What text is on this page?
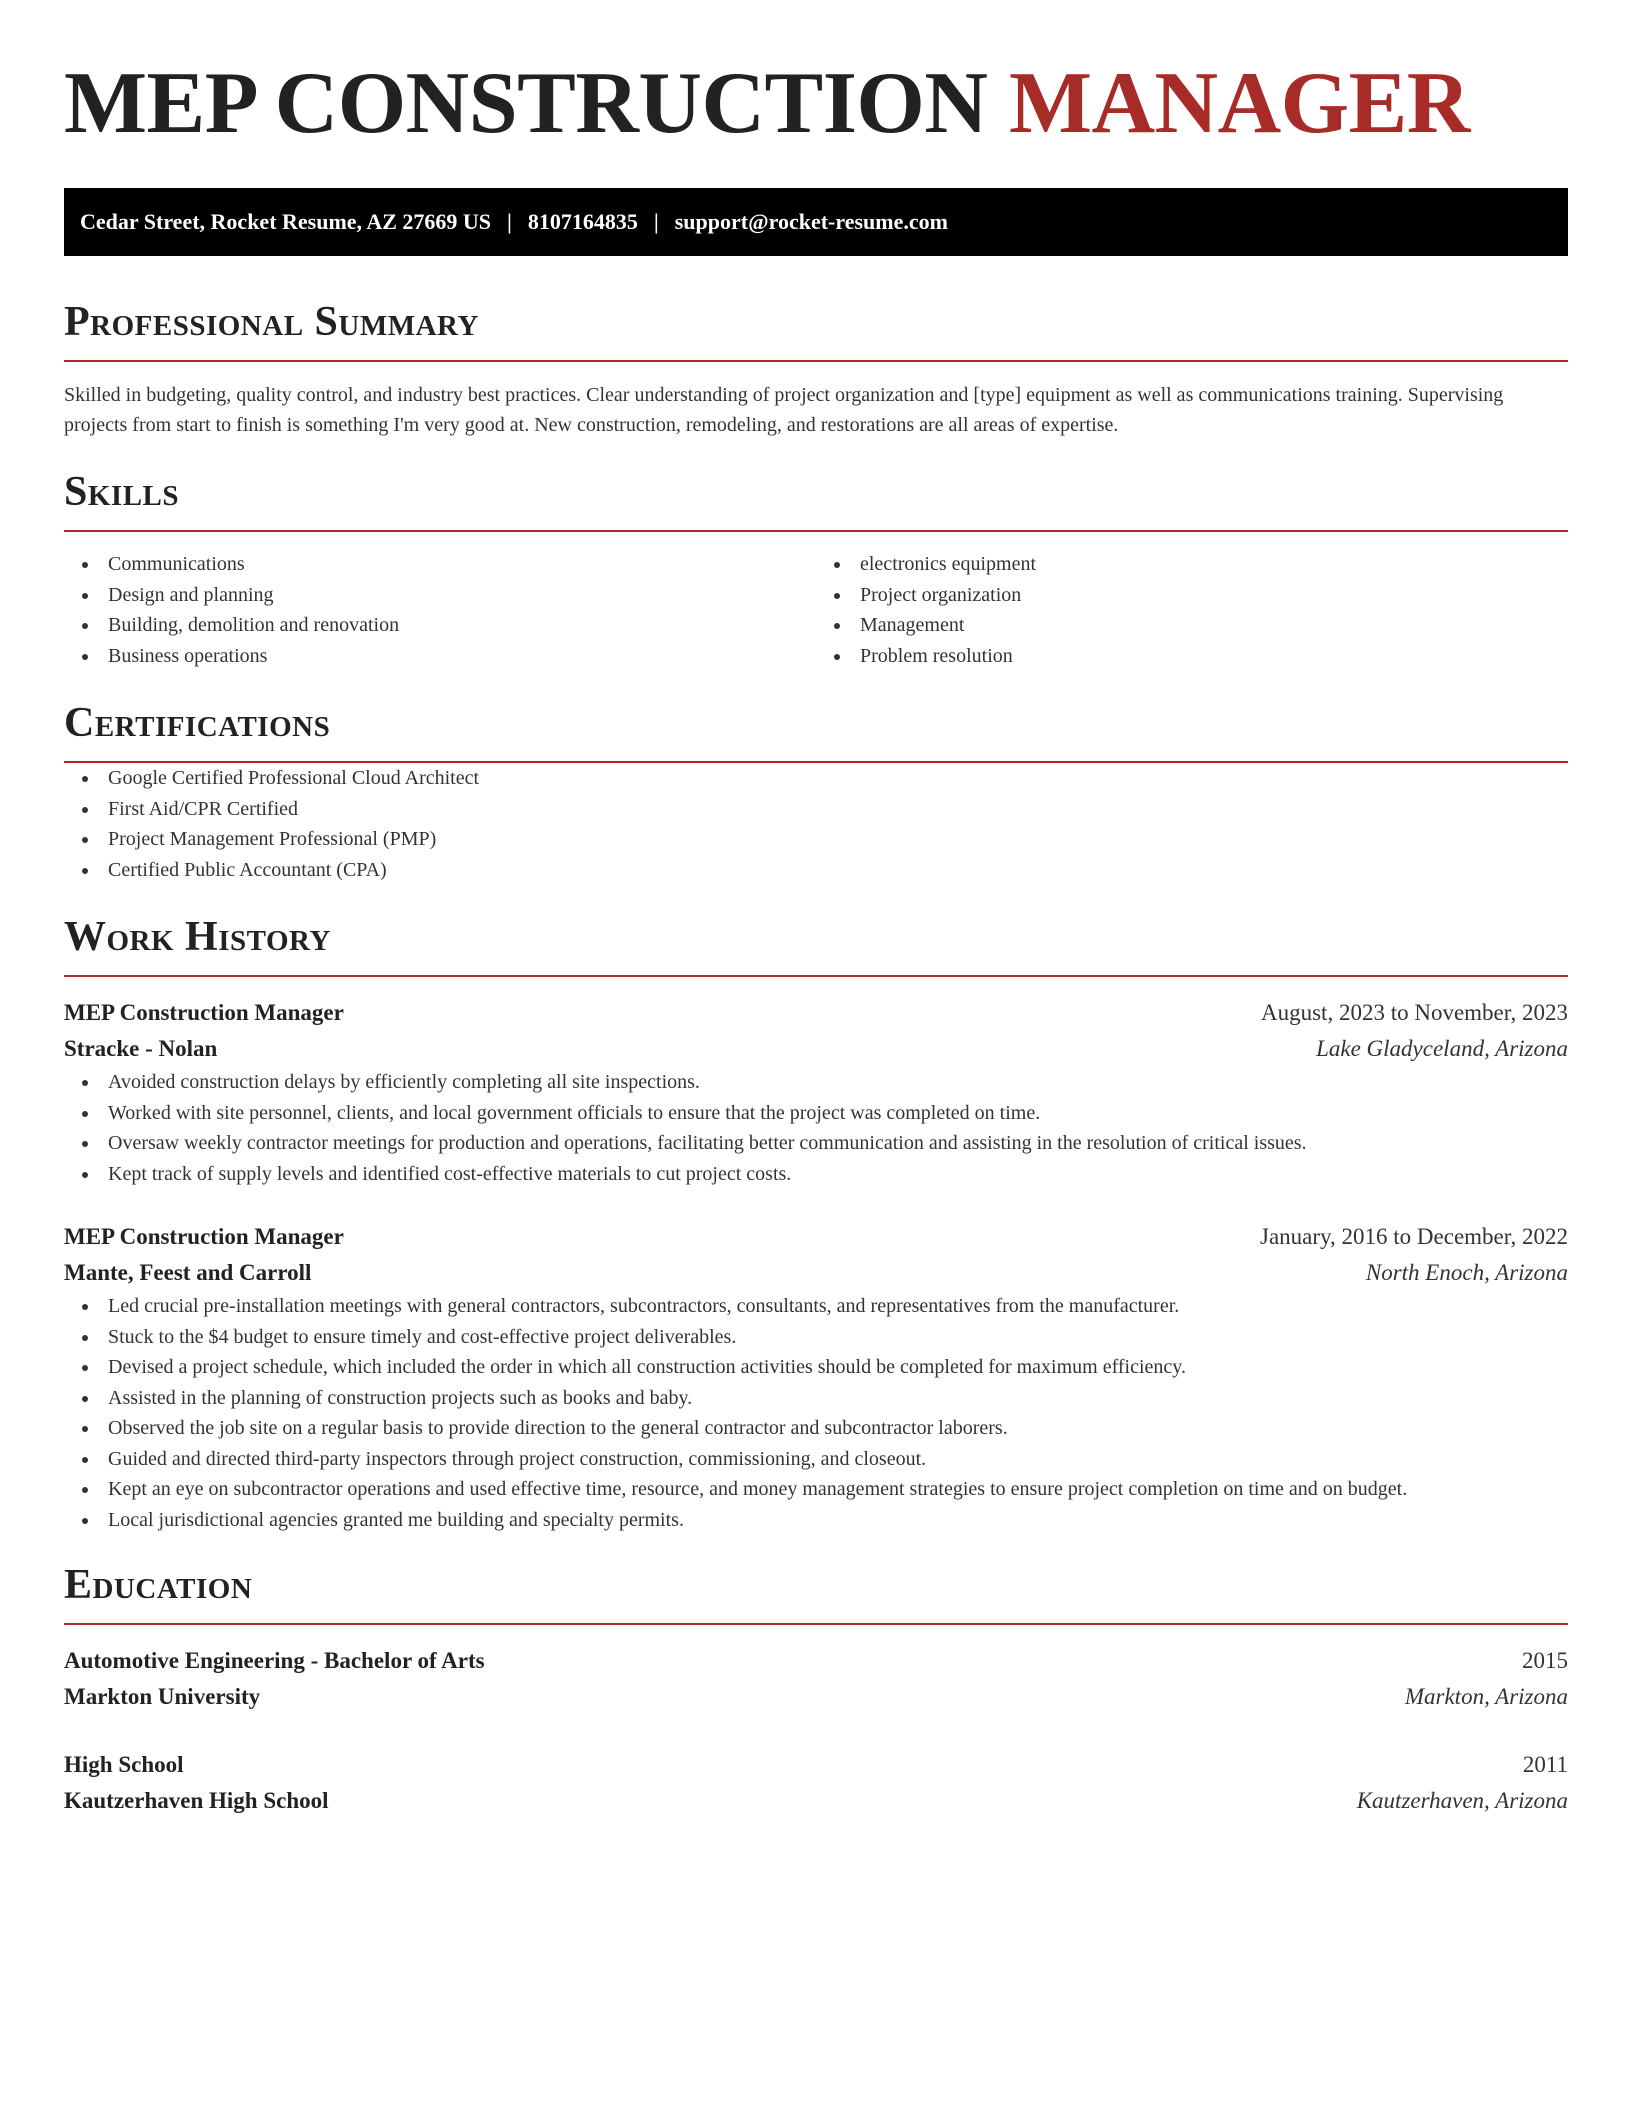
MEP CONSTRUCTION MANAGER
Cedar Street, Rocket Resume, AZ 27669 US | 8107164835 | support@rocket-resume.com
Professional Summary

Skilled in budgeting, quality control, and industry best practices. Clear understanding of project organization and [type] equipment as well as communications training. Supervising projects from start to finish is something I'm very good at. New construction, remodeling, and restorations are all areas of expertise.

Skills
Communications
Design and planning
Building, demolition and renovation
Business operations
electronics equipment
Project organization
Management
Problem resolution
Certifications
Google Certified Professional Cloud Architect
First Aid/CPR Certified
Project Management Professional (PMP)
Certified Public Accountant (CPA)
Work History
MEP Construction Manager	August, 2023 to November, 2023
Stracke - Nolan	Lake Gladyceland, Arizona
Avoided construction delays by efficiently completing all site inspections.
Worked with site personnel, clients, and local government officials to ensure that the project was completed on time.
Oversaw weekly contractor meetings for production and operations, facilitating better communication and assisting in the resolution of critical issues.
Kept track of supply levels and identified cost-effective materials to cut project costs.
MEP Construction Manager	January, 2016 to December, 2022
Mante, Feest and Carroll	North Enoch, Arizona
Led crucial pre-installation meetings with general contractors, subcontractors, consultants, and representatives from the manufacturer.
Stuck to the $4 budget to ensure timely and cost-effective project deliverables.
Devised a project schedule, which included the order in which all construction activities should be completed for maximum efficiency.
Assisted in the planning of construction projects such as books and baby.
Observed the job site on a regular basis to provide direction to the general contractor and subcontractor laborers.
Guided and directed third-party inspectors through project construction, commissioning, and closeout.
Kept an eye on subcontractor operations and used effective time, resource, and money management strategies to ensure project completion on time and on budget.
Local jurisdictional agencies granted me building and specialty permits.
Education
Automotive Engineering - Bachelor of Arts	2015
Markton University	Markton, Arizona
High School	2011
Kautzerhaven High School	Kautzerhaven, Arizona
